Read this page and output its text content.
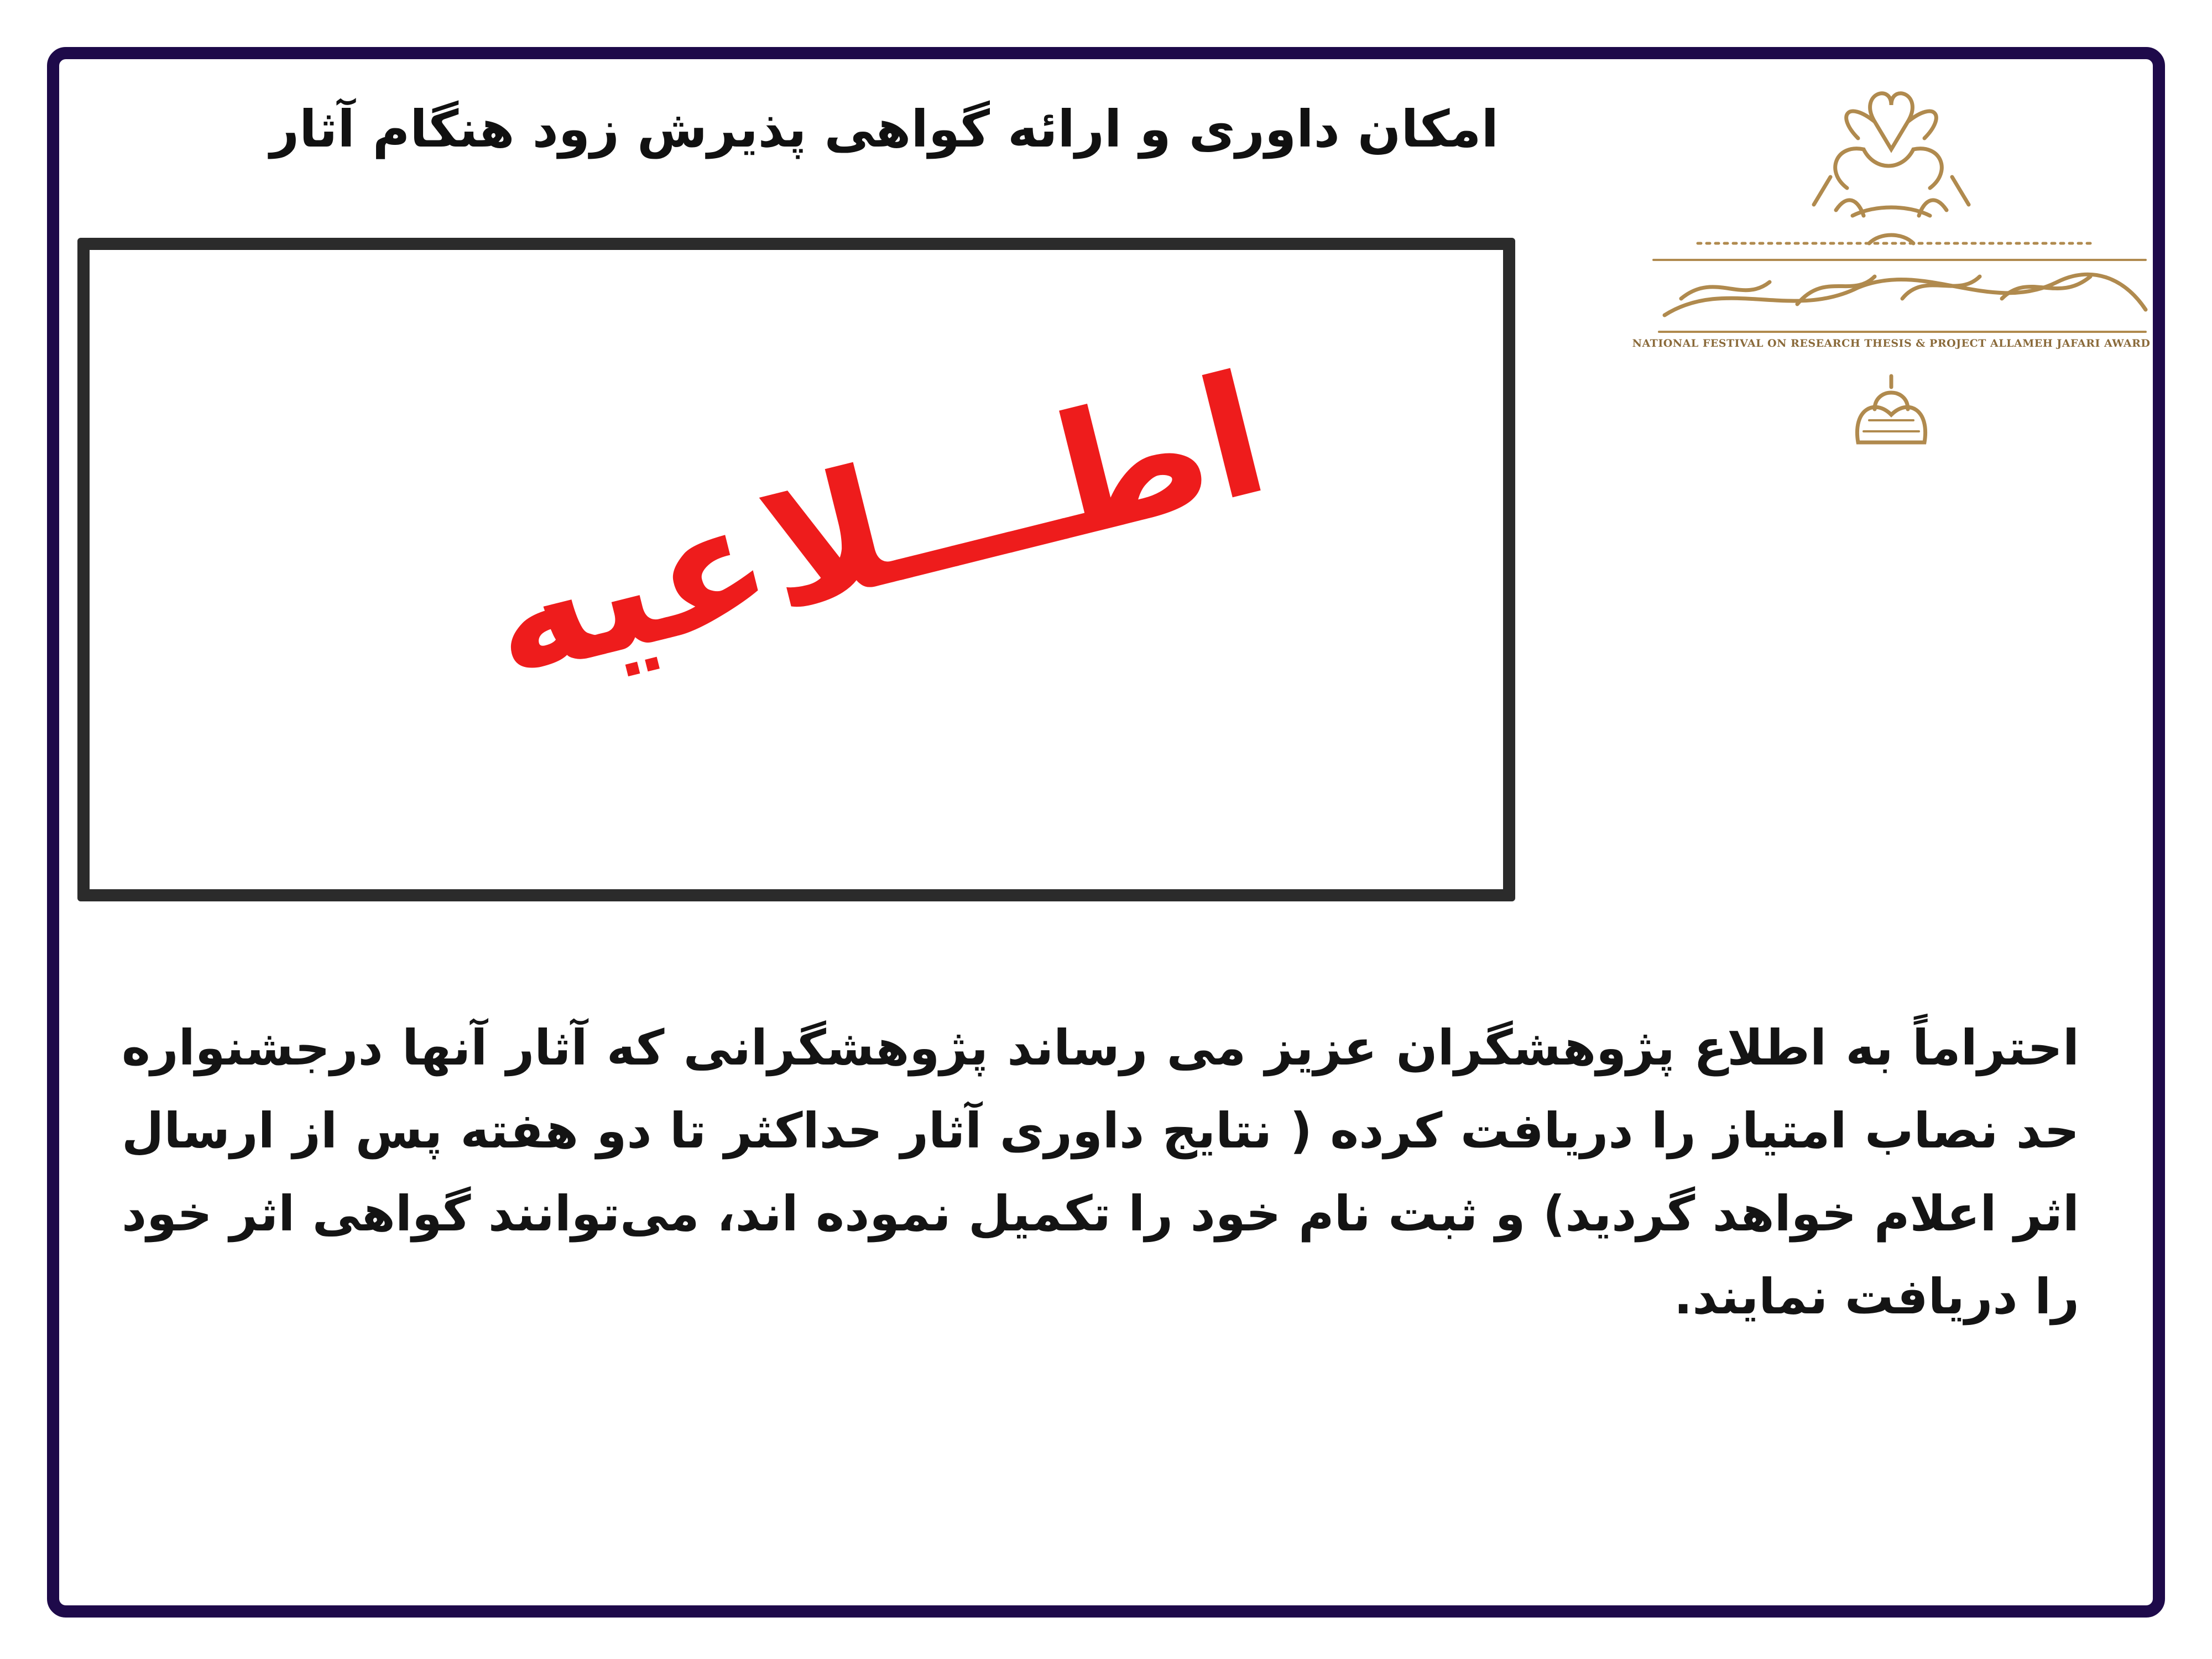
امکان داوری و ارائه گواهی پذیرش زود هنگام آثار
اطـــلاعیه	NATIONAL FESTIVAL ON RESEARCH THESIS & PROJECT ALLAMEH JAFARI AWARD
احتراماً به اطلاع پژوهشگران عزیز می رساند پژوهشگرانی که آثار آنها درجشنواره حد نصاب امتیاز را دریافت کرده ( نتایج داوری آثار حداکثر تا دو هفته پس از ارسال اثر اعلام خواهد گردید) و ثبت نام خود را تکمیل نموده اند، می‌توانند گواهی اثر خود را دریافت نمایند.
